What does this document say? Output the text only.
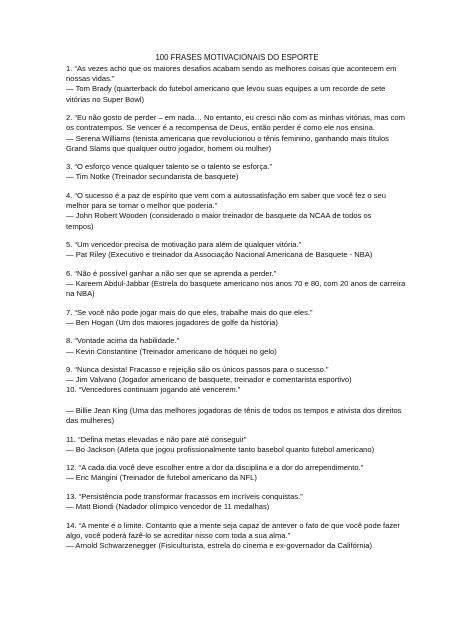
100 FRASES MOTIVACIONAIS DO ESPORTE
1. “As vezes acho que os maiores desafios acabam sendo as melhores coisas que acontecem em
nossas vidas.”
— Tom Brady (quarterback do futebol americano que levou suas equipes a um recorde de sete
vitórias no Super Bowl)
2. “Eu não gosto de perder – em nada… No entanto, eu cresci não com as minhas vitórias, mas com
os contratempos. Se vencer é a recompensa de Deus, então perder é como ele nos ensina.
— Serena Williams (tenista americana que revolucionou o tênis feminino, ganhando mais títulos
Grand Slams que qualquer outro jogador, homem ou mulher)
3. “O esforço vence qualquer talento se o talento se esforça.”
— Tim Notke (Treinador secundarista de basquete)
4. “O sucesso é a paz de espírito que vem com a autossatisfação em saber que você fez o seu
melhor para se tornar o melhor que poderia.”
— John Robert Wooden (considerado o maior treinador de basquete da NCAA de todos os
tempos)
5. “Um vencedor precisa de motivação para além de qualquer vitória.”
— Pat Riley (Executivo e treinador da Associação Nacional Americana de Basquete - NBA)
6. “Não é possível ganhar a não ser que se aprenda a perder.”
— Kareem Abdul-Jabbar (Estrela do basquete americano nos anos 70 e 80, com 20 anos de carreira
na NBA)
7. “Se você não pode jogar mais do que eles, trabalhe mais do que eles.”
— Ben Hogan (Um dos maiores jogadores de golfe da história)
8. “Vontade acima da habilidade.”
— Kevin Constantine (Treinador americano de hóquei no gelo)
9. “Nunca desista! Fracasso e rejeição são os únicos passos para o sucesso.”
— Jim Valvano (Jogador americano de basquete, treinador e comentarista esportivo)
10. “Vencedores continuam jogando até vencerem.”
— Billie Jean King (Uma das melhores jogadoras de tênis de todos os tempos e ativista dos direitos
das mulheres)
11. “Defina metas elevadas e não pare até conseguir”
— Bo Jackson (Atleta que jogou profissionalmente tanto basebol quanto futebol americano)
12. “A cada dia você deve escolher entre a dor da disciplina e a dor do arrependimento.”
— Eric Mangini (Treinador de futebol americano da NFL)
13. “Persistência pode transformar fracassos em incríveis conquistas.”
— Matt Biondi (Nadador olímpico vencedor de 11 medalhas)
14. “A mente é o limite. Contanto que a mente seja capaz de antever o fato de que você pode fazer
algo, você poderá fazê-lo se acreditar nisso com toda a sua alma.”
— Arnold Schwarzenegger (Fisiculturista, estrela do cinema e ex-governador da Califórnia)
